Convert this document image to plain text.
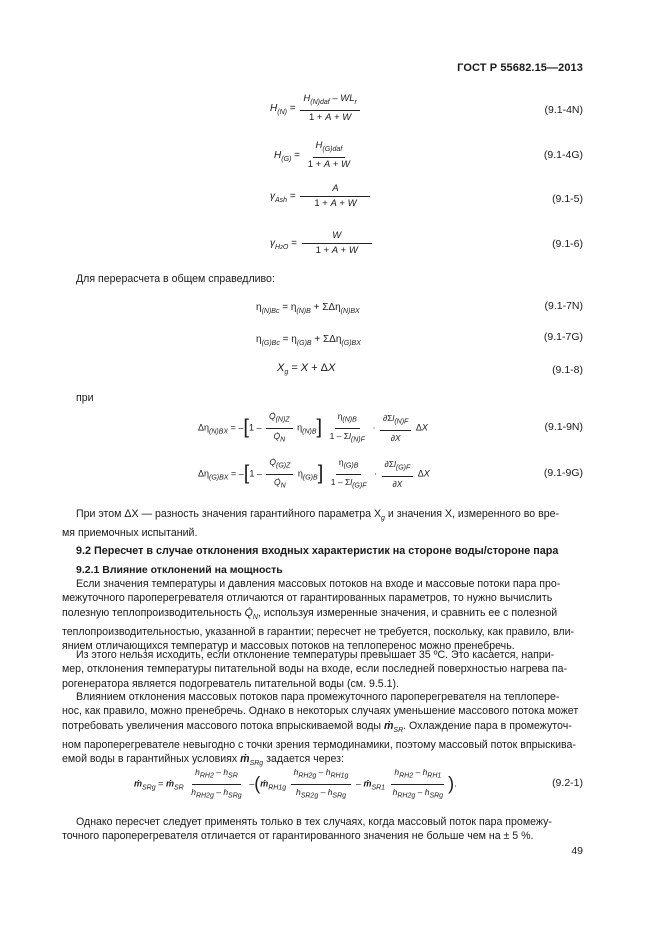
ГОСТ Р 55682.15—2013
$H_{(N)} = \frac{H_{(N)daf} - WL_r}{1 + A + W}$	(9.1-4N)
$H_{(G)} = \frac{H_{(G)daf}}{1 + A + W}$	(9.1-4G)
$\gamma_{Ash} = \frac{A}{1 + A + W}$	(9.1-5)
$\gamma_{H2O} = \frac{W}{1 + A + W}$	(9.1-6)
Для перерасчета в общем справедливо:
$\eta_{(N)Bc} = \eta_{(N)B} + \Sigma\Delta\eta_{(N)BX}$	(9.1-7N)
$\eta_{(G)Bc} = \eta_{(G)B} + \Sigma\Delta\eta_{(G)BX}$
(9.1-7G)
$X_g = X + \Delta X$	(9.1-8)
при
$\Delta\eta_{(N)BX} = -[1 - \frac{Q̇_{(N)Z}}{Q̇_N} \eta_{(N)B}] \frac{\eta_{(N)B}}{1 - \Sigma l_{(N)F}} \cdot \frac{\partial\Sigma l_{(N)F}}{\partial X}$ ΔX	(9.1-9N)
$\Delta\eta_{(G)BX} = -[1 - \frac{Q̇_{(G)Z}}{Q̇_N} \eta_{(G)B}] \frac{\eta_{(G)B}}{1 - \Sigma l_{(G)F}} \cdot \frac{\partial\Sigma l_{(G)F}}{\partial X}$ ΔX	(9.1-9G)
При этом ΔX — разность значения гарантийного параметра $X_g$ и значения X, измеренного во вре-
мя приемочных испытаний.
9.2 Пересчет в случае отклонения входных характеристик на стороне воды/стороне пара
9.2.1 Влияние отклонений на мощность
Если значения температуры и давления массовых потоков на входе и массовые потоки пара про-
межуточного пароперегревателя отличаются от гарантированных параметров, то нужно вычислить
полезную теплопроизводительность $Q̇_N$, используя измеренные значения, и сравнить ее с полезной
теплопроизводительностью, указанной в гарантии; пересчет не требуется, поскольку, как правило, вли-
янием отличающихся температур и массовых потоков на теплоперенос можно пренебречь.
Из этого нельзя исходить, если отклонение температуры превышает 35 ºС. Это касается, напри-
мер, отклонения температуры питательной воды на входе, если последней поверхностью нагрева па-
рогенератора является подогреватель питательной воды (см. 9.5.1).
Влиянием отклонения массовых потоков пара промежуточного пароперегревателя на теплопере-
нос, как правило, можно пренебречь. Однако в некоторых случаях уменьшение массового потока может
потребовать увеличения массового потока впрыскиваемой воды ṁ$_{SR}$. Охлаждение пара в промежуточ-
ном пароперегревателе невыгодно с точки зрения термодинамики, поэтому массовый поток впрыскива-
емой воды в гарантийных условиях ṁ$_{SRg}$ задается через:
ṁ$_{SRg}$ = ṁ$_{SR}$ $\frac{h_{RH2} - h_{SR}}{h_{RH2g} - h_{SRg}}$ –(ṁ$_{RH1g}$ $\frac{h_{RH2g} - h_{RH1g}}{h_{SR2g} - h_{SRg}}$ – ṁ$_{SR1}$ $\frac{h_{RH2} - h_{RH1}}{h_{RH2g} - h_{SRg}}$ ).	(9.2-1)
Однако пересчет следует применять только в тех случаях, когда массовый поток пара промежу-
точного пароперегревателя отличается от гарантированного значения не больше чем на ± 5 %.
49
